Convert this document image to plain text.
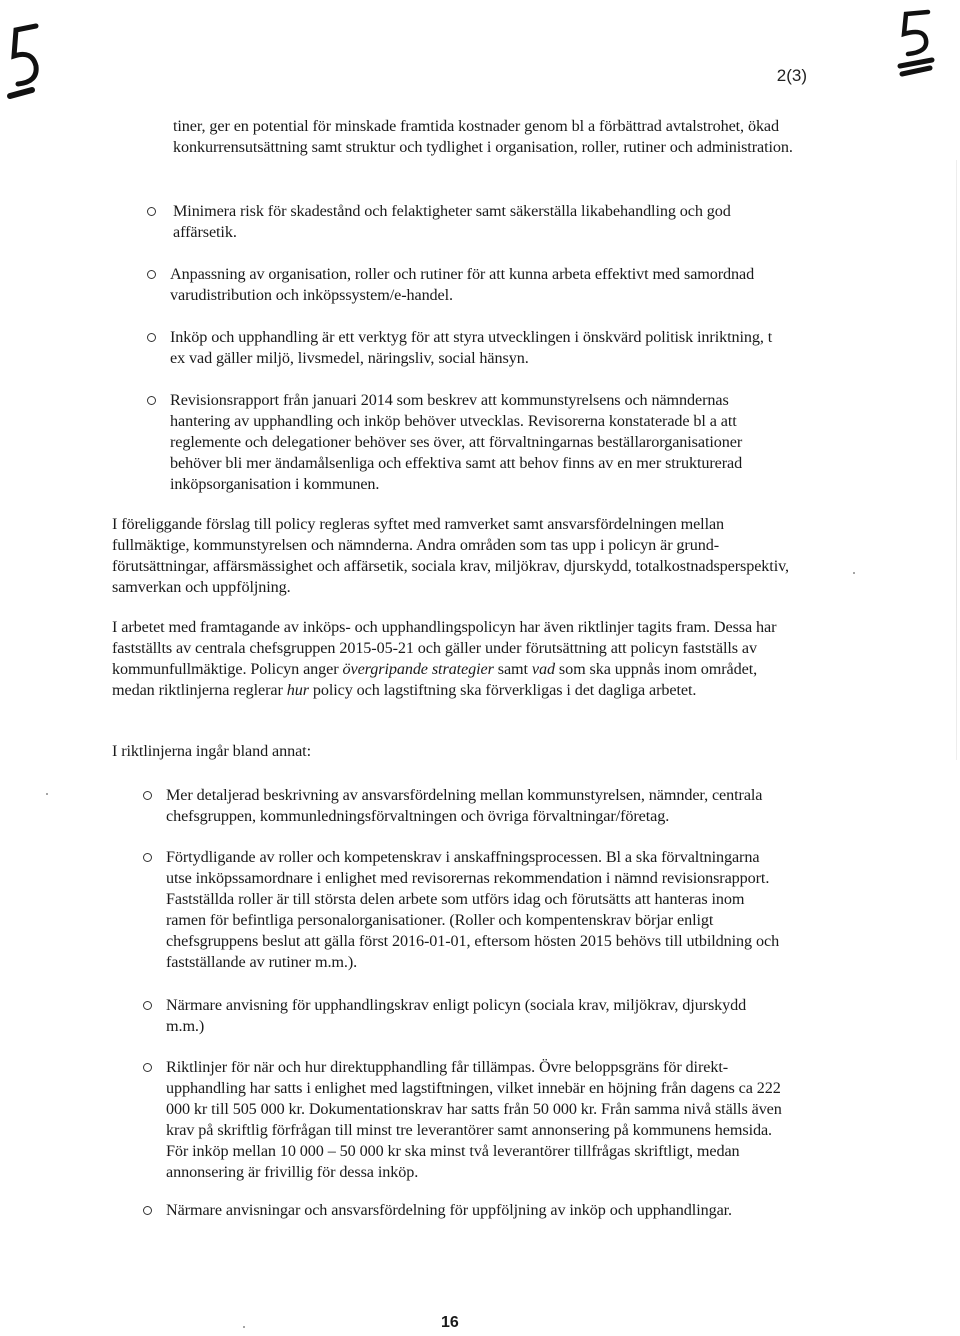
2(3)

tiner, ger en potential för minskade framtida kostnader genom bl a förbättrad avtalstrohet, ökad konkurrensutsättning samt struktur och tydlighet i organisation, roller, rutiner och administration.

Minimera risk för skadestånd och felaktigheter samt säkerställa likabehandling och god affärsetik.

Anpassning av organisation, roller och rutiner för att kunna arbeta effektivt med samordnad varudistribution och inköpssystem/e-handel.

Inköp och upphandling är ett verktyg för att styra utvecklingen i önskvärd politisk inriktning, t ex vad gäller miljö, livsmedel, näringsliv, social hänsyn.

Revisionsrapport från januari 2014 som beskrev att kommunstyrelsens och nämndernas hantering av upphandling och inköp behöver utvecklas. Revisorerna konstaterade bl a att reglemente och delegationer behöver ses över, att förvaltningarnas beställarorganisationer behöver bli mer ändamålsenliga och effektiva samt att behov finns av en mer strukturerad inköpsorganisation i kommunen.

I föreliggande förslag till policy regleras syftet med ramverket samt ansvarsfördelningen mellan fullmäktige, kommunstyrelsen och nämnderna. Andra områden som tas upp i policyn är grundförutsättningar, affärsmässighet och affärsetik, sociala krav, miljökrav, djurskydd, totalkostnadsperspektiv, samverkan och uppföljning.

I arbetet med framtagande av inköps- och upphandlingspolicyn har även riktlinjer tagits fram. Dessa har fastställts av centrala chefsgruppen 2015-05-21 och gäller under förutsättning att policyn fastställs av kommunfullmäktige. Policyn anger övergripande strategier samt vad som ska uppnås inom området, medan riktlinjerna reglerar hur policy och lagstiftning ska förverkligas i det dagliga arbetet.

I riktlinjerna ingår bland annat:

Mer detaljerad beskrivning av ansvarsfördelning mellan kommunstyrelsen, nämnder, centrala chefsgruppen, kommunledningsförvaltningen och övriga förvaltningar/företag.

Förtydligande av roller och kompetenskrav i anskaffningsprocessen. Bl a ska förvaltningarna utse inköpssamordnare i enlighet med revisorernas rekommendation i nämnd revisionsrapport. Fastställda roller är till största delen arbete som utförs idag och förutsätts att hanteras inom ramen för befintliga personalorganisationer. (Roller och kompentenskrav börjar enligt chefsgruppens beslut att gälla först 2016-01-01, eftersom hösten 2015 behövs till utbildning och fastställande av rutiner m.m.).

Närmare anvisning för upphandlingskrav enligt policyn (sociala krav, miljökrav, djurskydd m.m.)

Riktlinjer för när och hur direktupphandling får tillämpas. Övre beloppsgräns för direktupphandling har satts i enlighet med lagstiftningen, vilket innebär en höjning från dagens ca 222 000 kr till 505 000 kr. Dokumentationskrav har satts från 50 000 kr. Från samma nivå ställs även krav på skriftlig förfrågan till minst tre leverantörer samt annonsering på kommunens hemsida. För inköp mellan 10 000 – 50 000 kr ska minst två leverantörer tillfrågas skriftligt, medan annonsering är frivillig för dessa inköp.

Närmare anvisningar och ansvarsfördelning för uppföljning av inköp och upphandlingar.

16
